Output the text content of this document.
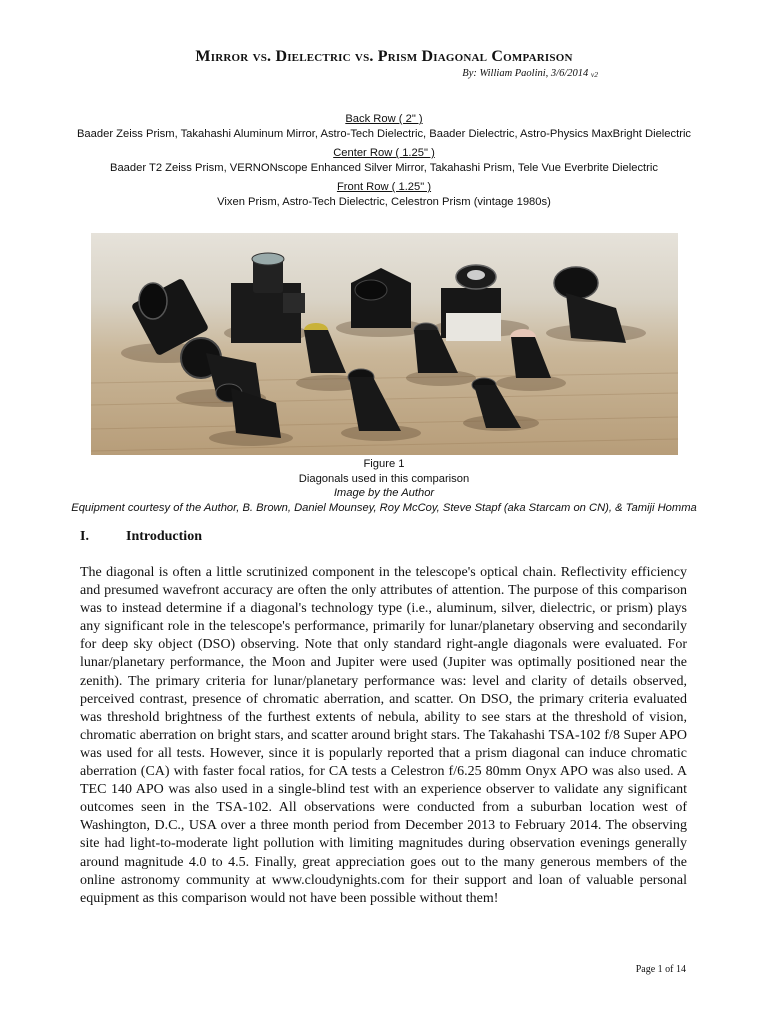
Mirror vs. Dielectric vs. Prism Diagonal Comparison
By: William Paolini, 3/6/2014 v2
Back Row ( 2" )
Baader Zeiss Prism, Takahashi Aluminum Mirror, Astro-Tech Dielectric, Baader Dielectric, Astro-Physics MaxBright Dielectric
Center Row ( 1.25" )
Baader T2 Zeiss Prism, VERNONscope Enhanced Silver Mirror, Takahashi Prism, Tele Vue Everbrite Dielectric
Front Row ( 1.25" )
Vixen Prism, Astro-Tech Dielectric, Celestron Prism (vintage 1980s)
Figure 1
Diagonals used in this comparison
Image by the Author
Equipment courtesy of the Author, B. Brown, Daniel Mounsey, Roy McCoy, Steve Stapf (aka Starcam on CN), & Tamiji Homma
I.	Introduction
The diagonal is often a little scrutinized component in the telescope's optical chain. Reflectivity efficiency and presumed wavefront accuracy are often the only attributes of attention. The purpose of this comparison was to instead determine if a diagonal's technology type (i.e., aluminum, silver, dielectric, or prism) plays any significant role in the telescope's performance, primarily for lunar/planetary observing and secondarily for deep sky object (DSO) observing. Note that only standard right-angle diagonals were evaluated. For lunar/planetary performance, the Moon and Jupiter were used (Jupiter was optimally positioned near the zenith). The primary criteria for lunar/planetary performance was: level and clarity of details observed, perceived contrast, presence of chromatic aberration, and scatter. On DSO, the primary criteria evaluated was threshold brightness of the furthest extents of nebula, ability to see stars at the threshold of vision, chromatic aberration on bright stars, and scatter around bright stars. The Takahashi TSA-102 f/8 Super APO was used for all tests. However, since it is popularly reported that a prism diagonal can induce chromatic aberration (CA) with faster focal ratios, for CA tests a Celestron f/6.25 80mm Onyx APO was also used. A TEC 140 APO was also used in a single-blind test with an experience observer to validate any significant outcomes seen in the TSA-102. All observations were conducted from a suburban location west of Washington, D.C., USA over a three month period from December 2013 to February 2014. The observing site had light-to-moderate light pollution with limiting magnitudes during observation evenings generally around magnitude 4.0 to 4.5. Finally, great appreciation goes out to the many generous members of the online astronomy community at www.cloudynights.com for their support and loan of valuable personal equipment as this comparison would not have been possible without them!
Page 1 of 14
